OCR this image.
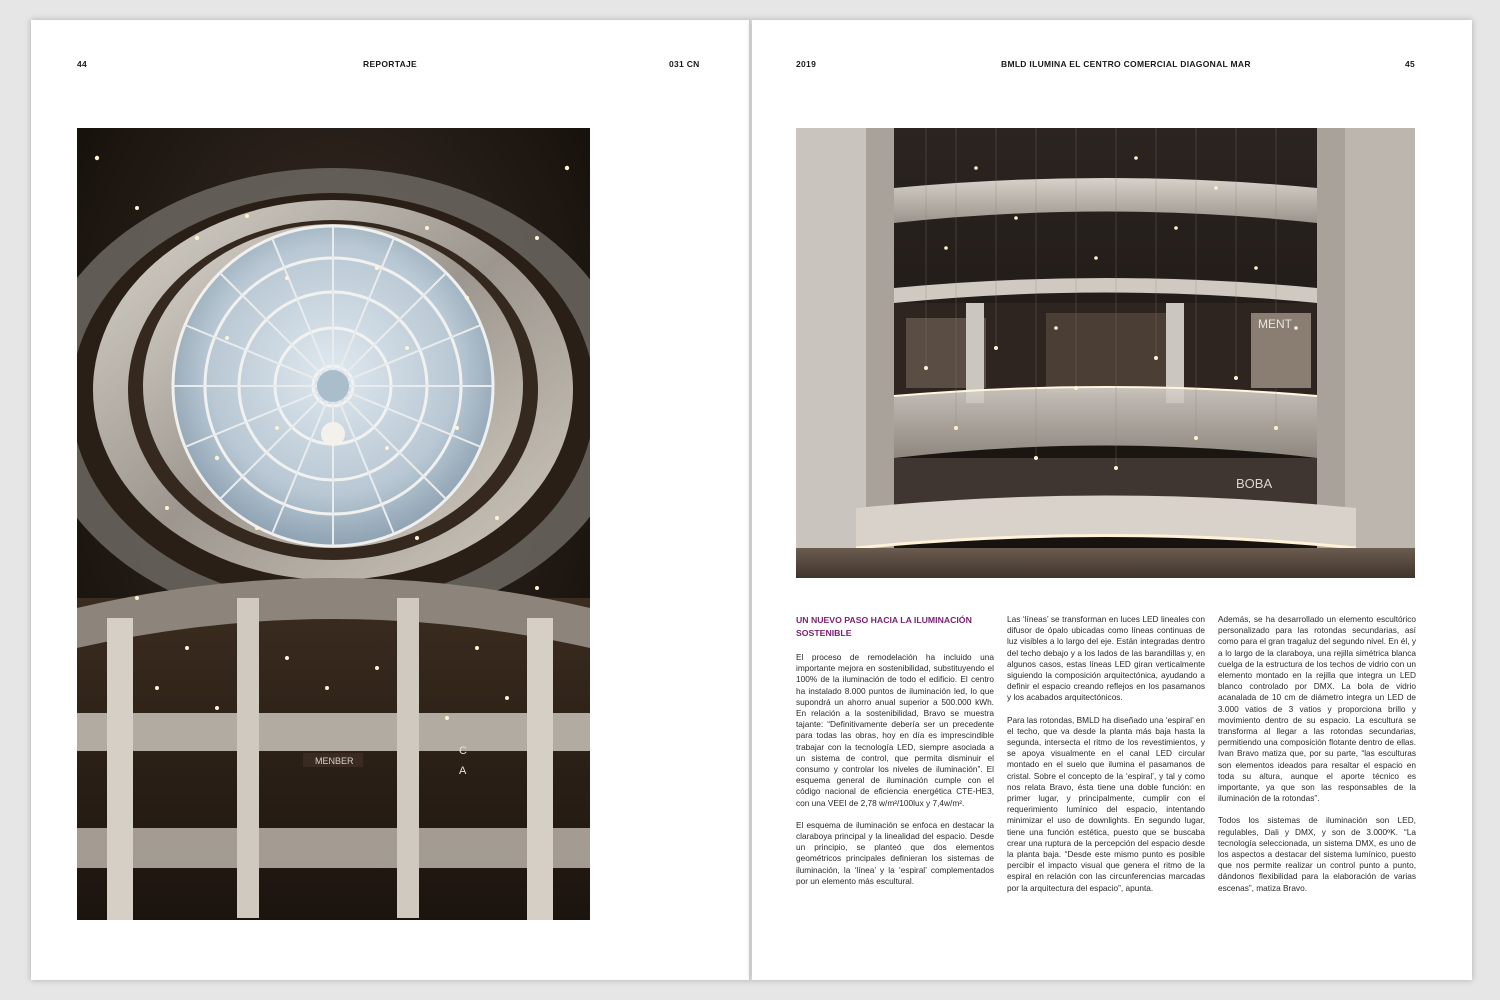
44	REPORTAJE	031 CN
MENBER
C
A
2019	BMLD ILUMINA EL CENTRO COMERCIAL DIAGONAL MAR	45
MENT
BOBA
UN NUEVO PASO HACIA LA ILUMINACIÓN SOSTENIBLE

El proceso de remodelación ha incluido una importante mejora en sostenibilidad, substituyendo el 100% de la iluminación de todo el edificio. El centro ha instalado 8.000 puntos de iluminación led, lo que supondrá un ahorro anual superior a 500.000 kWh. En relación a la sostenibilidad, Bravo se muestra tajante: “Definitivamente debería ser un precedente para todas las obras, hoy en día es imprescindible trabajar con la tecnología LED, siempre asociada a un sistema de control, que permita disminuir el consumo y controlar los niveles de iluminación”. El esquema general de iluminación cumple con el código nacional de eficiencia energética CTE-HE3, con una VEEI de 2,78 w/m²/100lux y 7,4w/m².

El esquema de iluminación se enfoca en destacar la claraboya principal y la linealidad del espacio. Desde un principio, se planteó que dos elementos geométricos principales definieran los sistemas de iluminación, la ‘línea’ y la ‘espiral’ complementados por un elemento más escultural.

Las ‘líneas’ se transforman en luces LED lineales con difusor de ópalo ubicadas como líneas continuas de luz visibles a lo largo del eje. Están integradas dentro del techo debajo y a los lados de las barandillas y, en algunos casos, estas líneas LED giran verticalmente siguiendo la composición arquitectónica, ayudando a definir el espacio creando reflejos en los pasamanos y los acabados arquitectónicos.

Para las rotondas, BMLD ha diseñado una ‘espiral’ en el techo, que va desde la planta más baja hasta la segunda, intersecta el ritmo de los revestimientos, y se apoya visualmente en el canal LED circular montado en el suelo que ilumina el pasamanos de cristal. Sobre el concepto de la ‘espiral’, y tal y como nos relata Bravo, ésta tiene una doble función: en primer lugar, y principalmente, cumplir con el requerimiento lumínico del espacio, intentando minimizar el uso de downlights. En segundo lugar, tiene una función estética, puesto que se buscaba crear una ruptura de la percepción del espacio desde la planta baja. “Desde este mismo punto es posible percibir el impacto visual que genera el ritmo de la espiral en relación con las circunferencias marcadas por la arquitectura del espacio”, apunta.

Además, se ha desarrollado un elemento escultórico personalizado para las rotondas secundarias, así como para el gran tragaluz del segundo nivel. En él, y a lo largo de la claraboya, una rejilla simétrica blanca cuelga de la estructura de los techos de vidrio con un elemento montado en la rejilla que integra un LED blanco controlado por DMX. La bola de vidrio acanalada de 10 cm de diámetro integra un LED de 3.000 vatios de 3 vatios y proporciona brillo y movimiento dentro de su espacio. La escultura se transforma al llegar a las rotondas secundarias, permitiendo una composición flotante dentro de ellas. Ivan Bravo matiza que, por su parte, “las esculturas son elementos ideados para resaltar el espacio en toda su altura, aunque el aporte técnico es importante, ya que son las responsables de la iluminación de la rotondas”.

Todos los sistemas de iluminación son LED, regulables, Dali y DMX, y son de 3.000ºK. “La tecnología seleccionada, un sistema DMX, es uno de los aspectos a destacar del sistema lumínico, puesto que nos permite realizar un control punto a punto, dándonos flexibilidad para la elaboración de varias escenas”, matiza Bravo.
